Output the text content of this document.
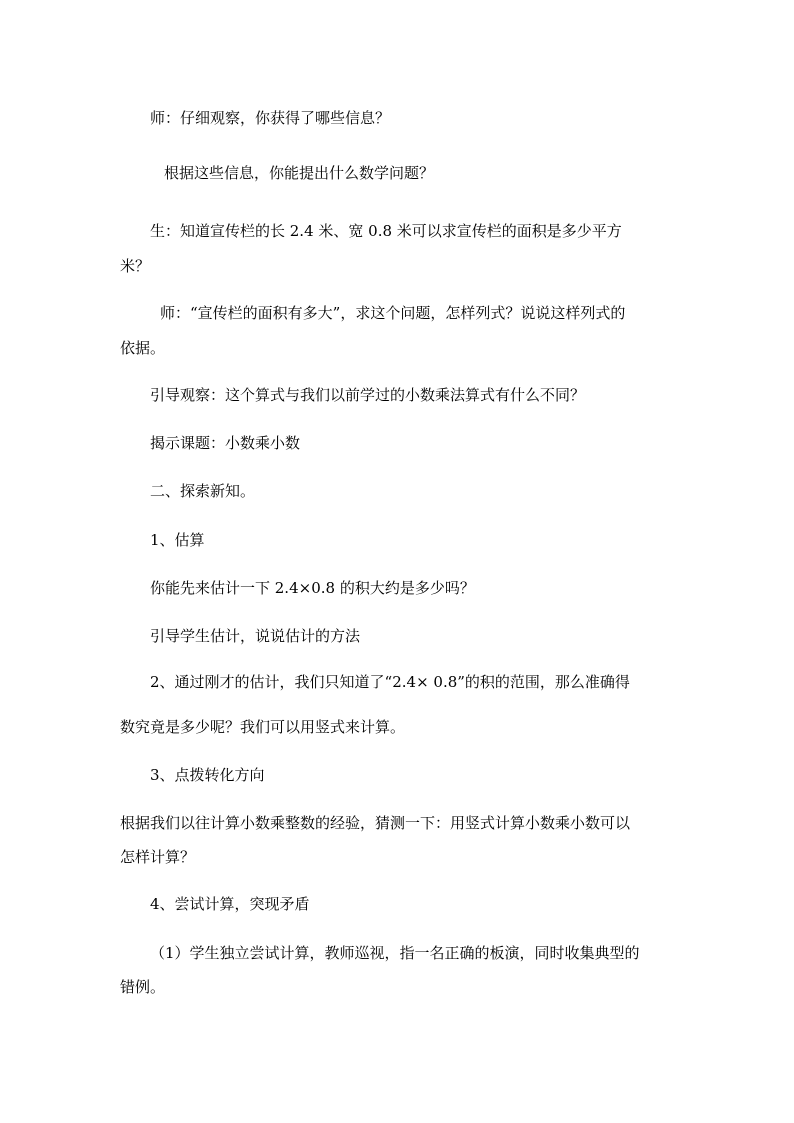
师：仔细观察，你获得了哪些信息？
根据这些信息，你能提出什么数学问题？
生：知道宣传栏的长 2.4 米、宽 0.8 米可以求宣传栏的面积是多少平方
米？
师：“宣传栏的面积有多大”，求这个问题，怎样列式？说说这样列式的
依据。
引导观察：这个算式与我们以前学过的小数乘法算式有什么不同？
揭示课题：小数乘小数
二、探索新知。
1、估算
你能先来估计一下 2.4×0.8 的积大约是多少吗？
引导学生估计，说说估计的方法
2、通过刚才的估计，我们只知道了“2.4× 0.8”的积的范围，那么准确得
数究竟是多少呢？我们可以用竖式来计算。
3、点拨转化方向
根据我们以往计算小数乘整数的经验，猜测一下：用竖式计算小数乘小数可以
怎样计算？
4、尝试计算，突现矛盾
（1）学生独立尝试计算，教师巡视，指一名正确的板演，同时收集典型的
错例。
